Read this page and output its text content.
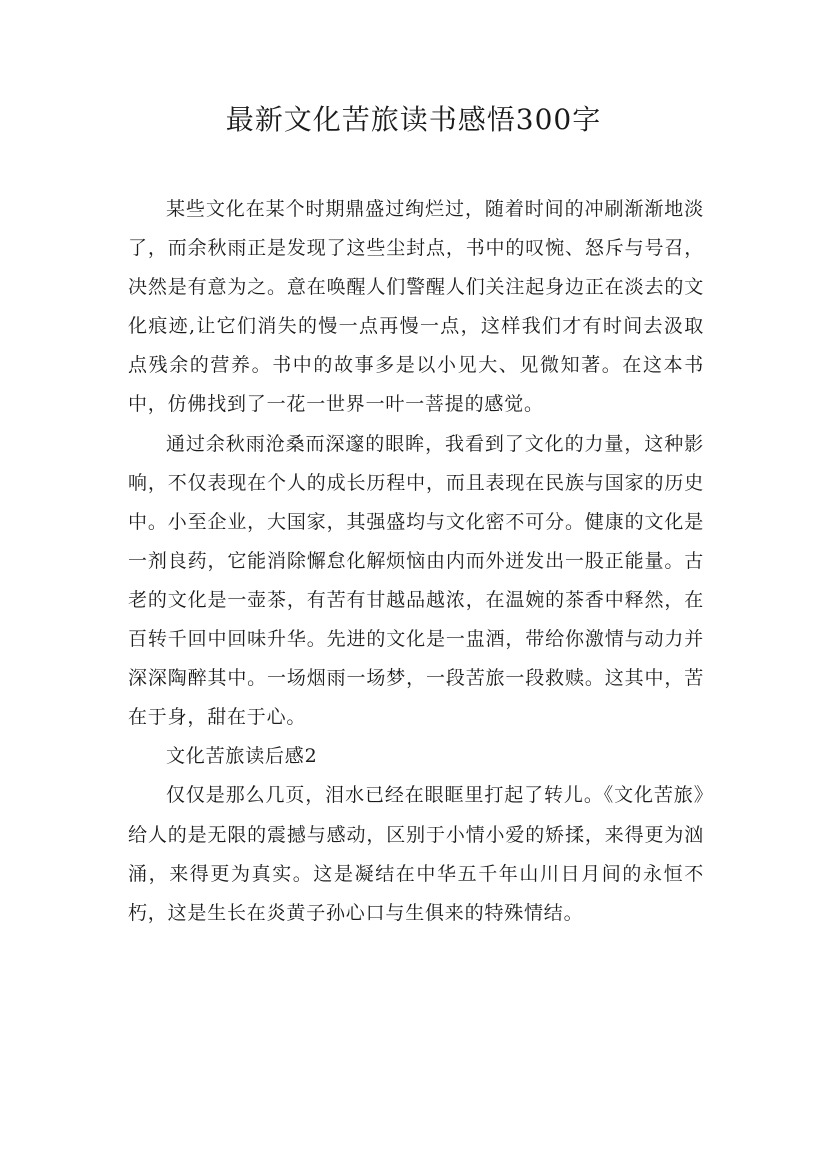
最新文化苦旅读书感悟300字

某些文化在某个时期鼎盛过绚烂过，随着时间的冲刷渐渐地淡了，而余秋雨正是发现了这些尘封点，书中的叹惋、怒斥与号召，决然是有意为之。意在唤醒人们警醒人们关注起身边正在淡去的文化痕迹,让它们消失的慢一点再慢一点，这样我们才有时间去汲取点残余的营养。书中的故事多是以小见大、见微知著。在这本书中，仿佛找到了一花一世界一叶一菩提的感觉。

通过余秋雨沧桑而深邃的眼眸，我看到了文化的力量，这种影响，不仅表现在个人的成长历程中，而且表现在民族与国家的历史中。小至企业，大国家，其强盛均与文化密不可分。健康的文化是一剂良药，它能消除懈怠化解烦恼由内而外迸发出一股正能量。古老的文化是一壶茶，有苦有甘越品越浓，在温婉的茶香中释然，在百转千回中回味升华。先进的文化是一盅酒，带给你激情与动力并深深陶醉其中。一场烟雨一场梦，一段苦旅一段救赎。这其中，苦在于身，甜在于心。

文化苦旅读后感2

仅仅是那么几页，泪水已经在眼眶里打起了转儿。《文化苦旅》给人的是无限的震撼与感动，区别于小情小爱的矫揉，来得更为汹涌，来得更为真实。这是凝结在中华五千年山川日月间的永恒不朽，这是生长在炎黄子孙心口与生俱来的特殊情结。
